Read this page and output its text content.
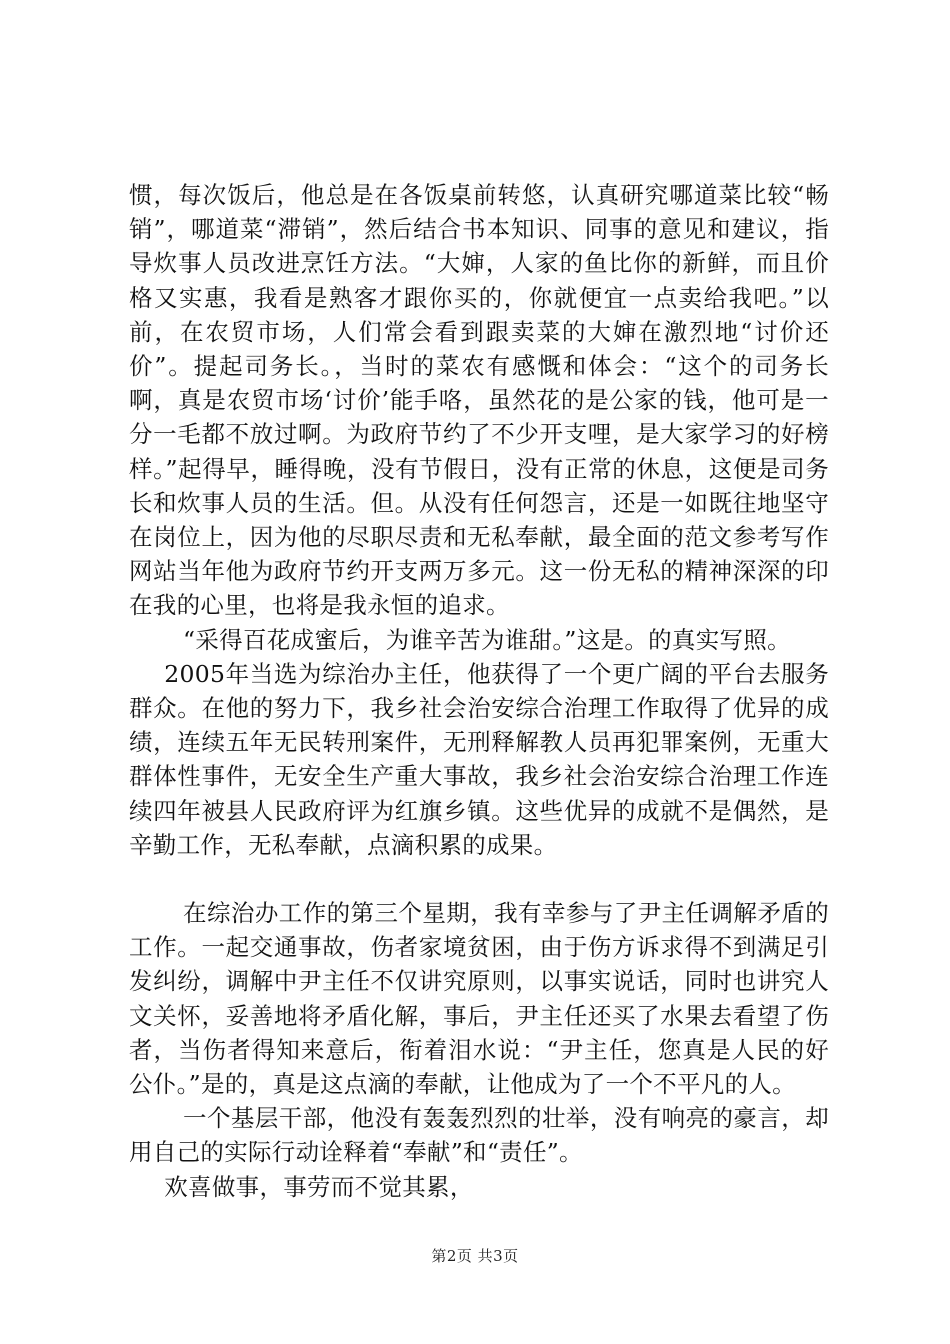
惯，每次饭后，他总是在各饭桌前转悠，认真研究哪道菜比较“畅销”，哪道菜“滞销”，然后结合书本知识、同事的意见和建议，指导炊事人员改进烹饪方法。“大婶，人家的鱼比你的新鲜，而且价格又实惠，我看是熟客才跟你买的，你就便宜一点卖给我吧。”以前，在农贸市场，人们常会看到跟卖菜的大婶在激烈地“讨价还价”。提起司务长。，当时的菜农有感慨和体会：“这个的司务长啊，真是农贸市场‘讨价’能手咯，虽然花的是公家的钱，他可是一分一毛都不放过啊。为政府节约了不少开支哩，是大家学习的好榜样。”起得早，睡得晚，没有节假日，没有正常的休息，这便是司务长和炊事人员的生活。但。从没有任何怨言，还是一如既往地坚守在岗位上，因为他的尽职尽责和无私奉献，最全面的范文参考写作网站当年他为政府节约开支两万多元。这一份无私的精神深深的印在我的心里，也将是我永恒的追求。

“采得百花成蜜后，为谁辛苦为谁甜。”这是。的真实写照。

2005年当选为综治办主任，他获得了一个更广阔的平台去服务群众。在他的努力下，我乡社会治安综合治理工作取得了优异的成绩，连续五年无民转刑案件，无刑释解教人员再犯罪案例，无重大群体性事件，无安全生产重大事故，我乡社会治安综合治理工作连续四年被县人民政府评为红旗乡镇。这些优异的成就不是偶然，是辛勤工作，无私奉献，点滴积累的成果。

在综治办工作的第三个星期，我有幸参与了尹主任调解矛盾的工作。一起交通事故，伤者家境贫困，由于伤方诉求得不到满足引发纠纷，调解中尹主任不仅讲究原则，以事实说话，同时也讲究人文关怀，妥善地将矛盾化解，事后，尹主任还买了水果去看望了伤者，当伤者得知来意后，衔着泪水说：“尹主任，您真是人民的好公仆。”是的，真是这点滴的奉献，让他成为了一个不平凡的人。

一个基层干部，他没有轰轰烈烈的壮举，没有响亮的豪言，却用自己的实际行动诠释着“奉献”和“责任”。

欢喜做事，事劳而不觉其累，

第2页 共3页
